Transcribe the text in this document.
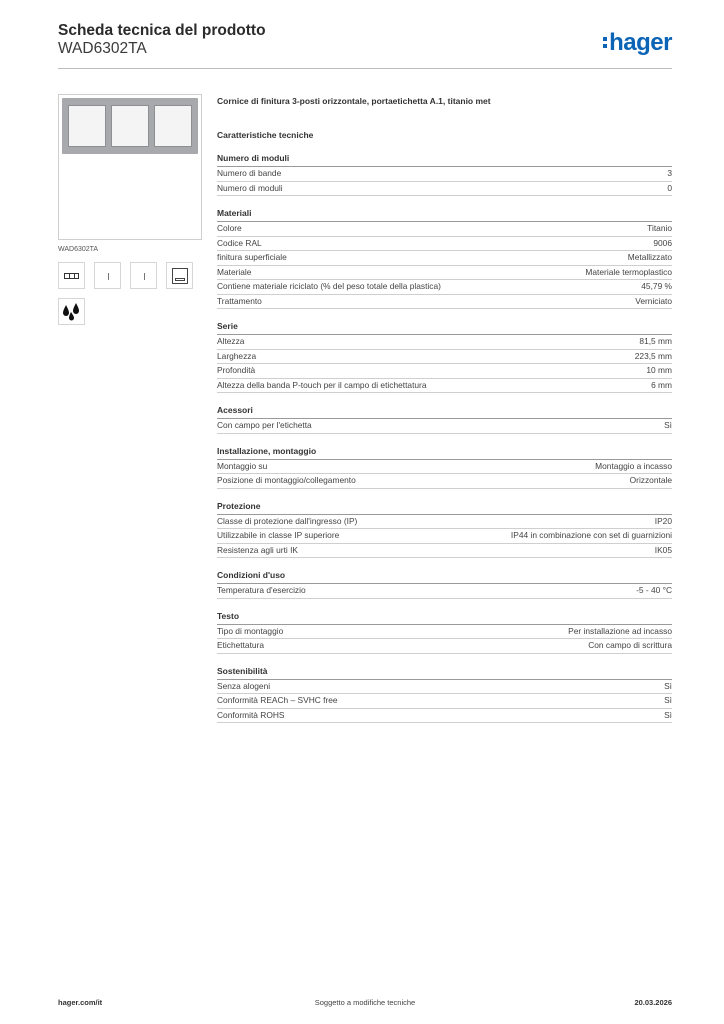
Scheda tecnica del prodotto
WAD6302TA	hager
WAD6302TA
Cornice di finitura 3-posti orizzontale, portaetichetta A.1, titanio met
Caratteristiche tecniche
Numero di moduli
Numero di bande	3
Numero di moduli	0
Materiali
Colore	Titanio
Codice RAL	9006
finitura superficiale	Metallizzato
Materiale	Materiale termoplastico
Contiene materiale riciclato (% del peso totale della plastica)	45,79 %
Trattamento	Verniciato
Serie
Altezza	81,5 mm
Larghezza	223,5 mm
Profondità	10 mm
Altezza della banda P-touch per il campo di etichettatura	6 mm
Acessori
Con campo per l'etichetta	Sì
Installazione, montaggio
Montaggio su	Montaggio a incasso
Posizione di montaggio/collegamento	Orizzontale
Protezione
Classe di protezione dall'ingresso (IP)	IP20
Utilizzabile in classe IP superiore	IP44 in combinazione con set di guarnizioni
Resistenza agli urti IK	IK05
Condizioni d'uso
Temperatura d'esercizio	-5 - 40 °C
Testo
Tipo di montaggio	Per installazione ad incasso
Etichettatura	Con campo di scrittura
Sostenibilità
Senza alogeni	Sì
Conformità REACh – SVHC free	Sì
Conformità ROHS	Sì
hager.com/it	Soggetto a modifiche tecniche	20.03.2026
